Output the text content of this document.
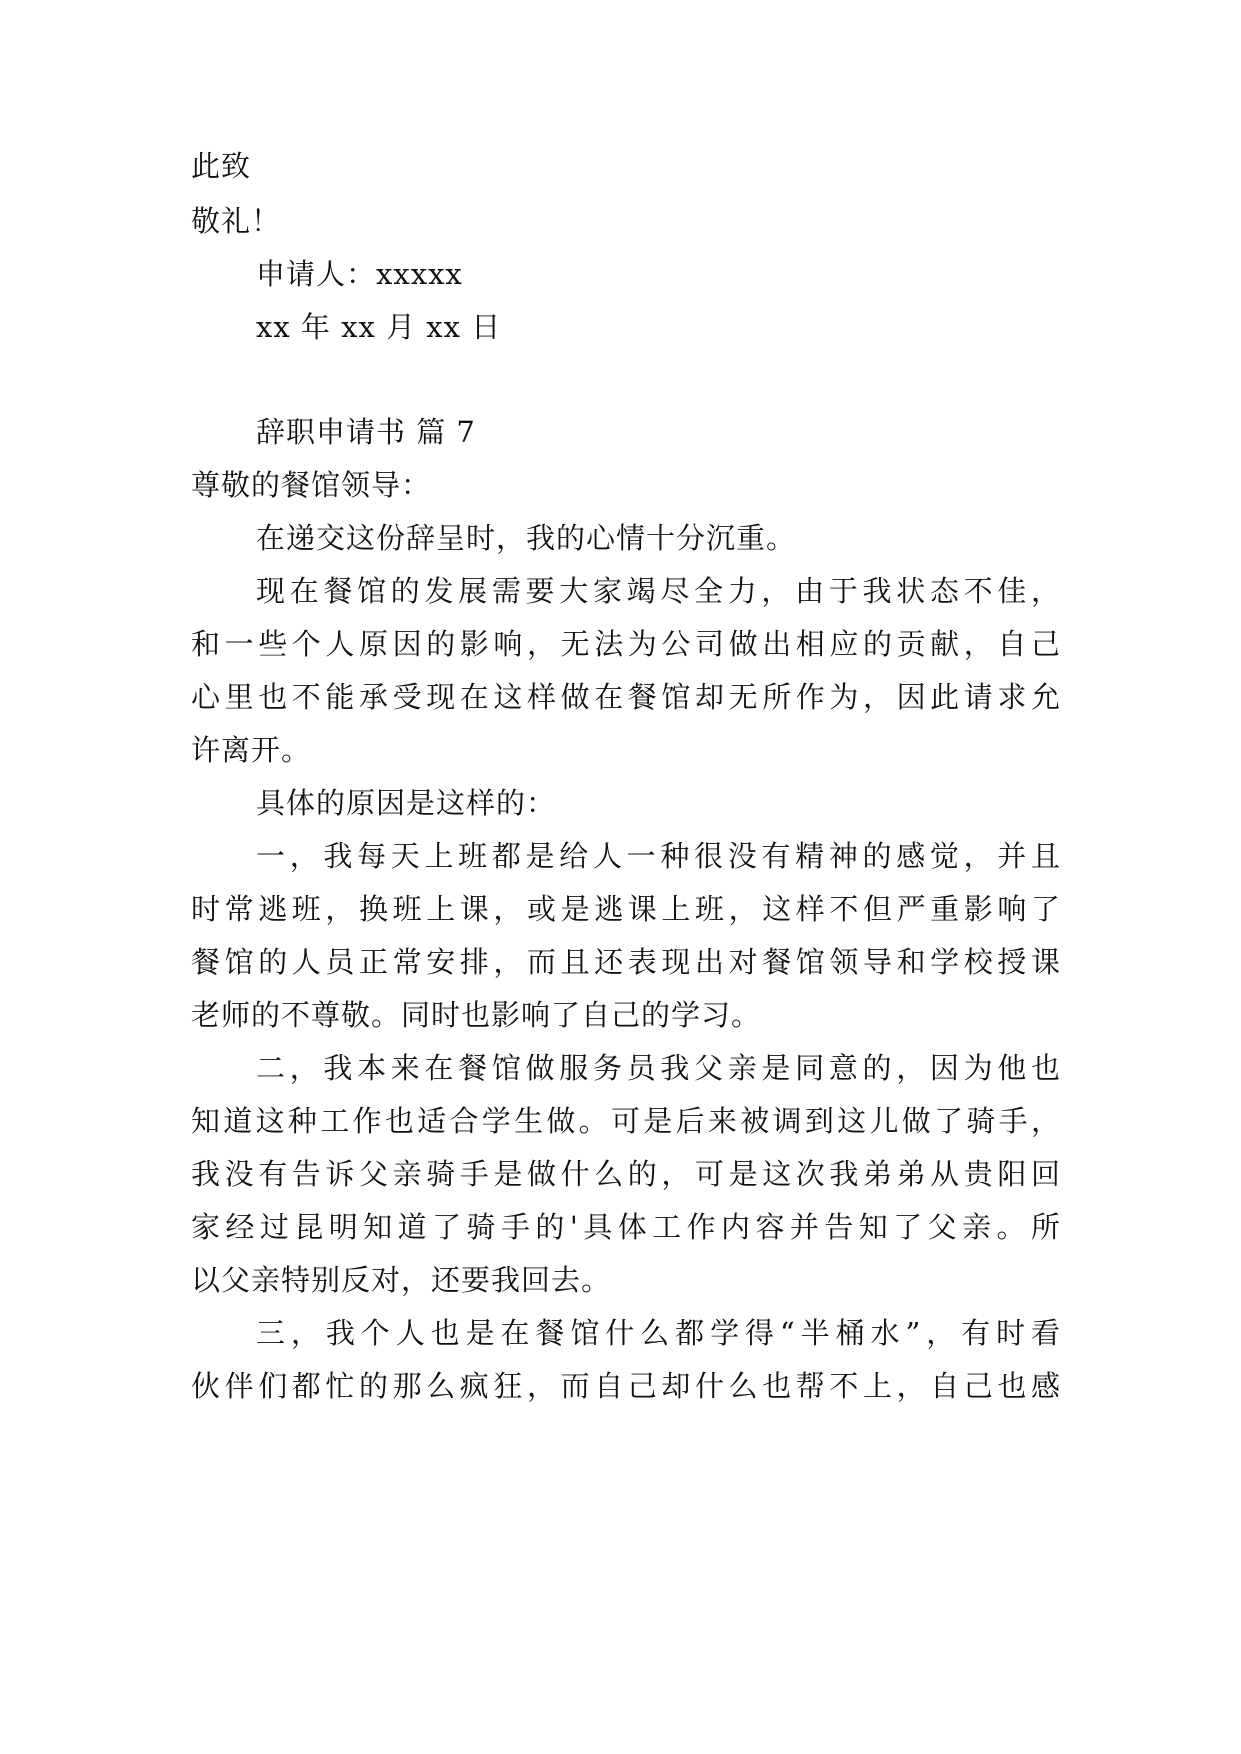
此致
敬礼！
申请人：xxxxx
xx 年 xx 月 xx 日
辞职申请书 篇 7
尊敬的餐馆领导：
在递交这份辞呈时，我的心情十分沉重。
现在餐馆的发展需要大家竭尽全力，由于我状态不佳，
和一些个人原因的影响，无法为公司做出相应的贡献，自己
心里也不能承受现在这样做在餐馆却无所作为，因此请求允
许离开。
具体的原因是这样的：
一，我每天上班都是给人一种很没有精神的感觉，并且
时常逃班，换班上课，或是逃课上班，这样不但严重影响了
餐馆的人员正常安排，而且还表现出对餐馆领导和学校授课
老师的不尊敬。同时也影响了自己的学习。
二，我本来在餐馆做服务员我父亲是同意的，因为他也
知道这种工作也适合学生做。可是后来被调到这儿做了骑手，
我没有告诉父亲骑手是做什么的，可是这次我弟弟从贵阳回
家经过昆明知道了骑手的'具体工作内容并告知了父亲。所
以父亲特别反对，还要我回去。
三，我个人也是在餐馆什么都学得“半桶水”，有时看
伙伴们都忙的那么疯狂，而自己却什么也帮不上，自己也感
